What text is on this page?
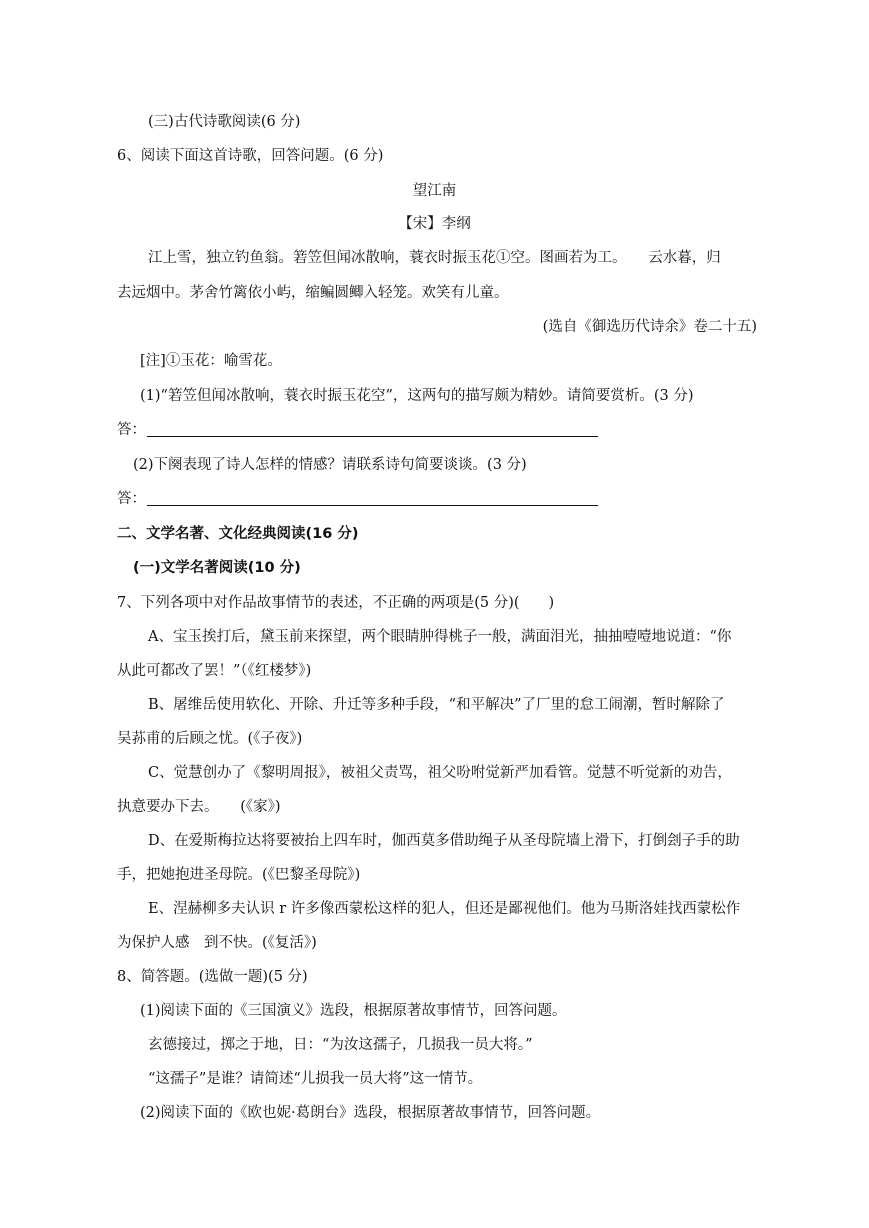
(三)古代诗歌阅读(6 分)
6、阅读下面这首诗歌，回答问题。(6 分)
望江南
【宋】李纲
江上雪，独立钓鱼翁。箬笠但闻冰散响，蓑衣时振玉花①空。图画若为工。　　云水暮，归
去远烟中。茅舍竹篱依小屿，缩鳊圆鲫入轻笼。欢笑有儿童。
(选自《御选历代诗余》卷二十五)
[注]①玉花：喻雪花。
(1)“箬笠但闻冰散响，蓑衣时振玉花空”，这两句的描写颇为精妙。请简要赏析。(3 分)
答：
(2)下阕表现了诗人怎样的情感？请联系诗句简要谈谈。(3 分)
答：
二、文学名著、文化经典阅读(16 分)
(一)文学名著阅读(10 分)
7、下列各项中对作品故事情节的表述，不正确的两项是(5 分)(　　)
A、宝玉挨打后，黛玉前来探望，两个眼睛肿得桃子一般，满面泪光，抽抽噎噎地说道：“你
从此可都改了罢！”（《红楼梦》)
B、屠维岳使用软化、开除、升迁等多种手段，“和平解决”了厂里的怠工闹潮，暂时解除了
吴荪甫的后顾之忧。(《子夜》)
C、觉慧创办了《黎明周报》，被祖父责骂，祖父吩咐觉新严加看管。觉慧不听觉新的劝告，
执意要办下去。　　(《家》)
D、在爱斯梅拉达将要被抬上四车时，伽西莫多借助绳子从圣母院墙上滑下，打倒刽子手的助
手，把她抱进圣母院。(《巴黎圣母院》)
E、涅赫柳多夫认识 r 许多像西蒙松这样的犯人，但还是鄙视他们。他为马斯洛娃找西蒙松作
为保护人感　到不快。(《复活》)
8、简答题。(选做一题)(5 分)
(1)阅读下面的《三国演义》选段，根据原著故事情节，回答问题。
玄德接过，掷之于地，日：“为汝这孺子，几损我一员大将。”
“这孺子”是谁？请简述“儿损我一员大将”这一情节。
(2)阅读下面的《欧也妮·葛朗台》选段，根据原著故事情节，回答问题。
